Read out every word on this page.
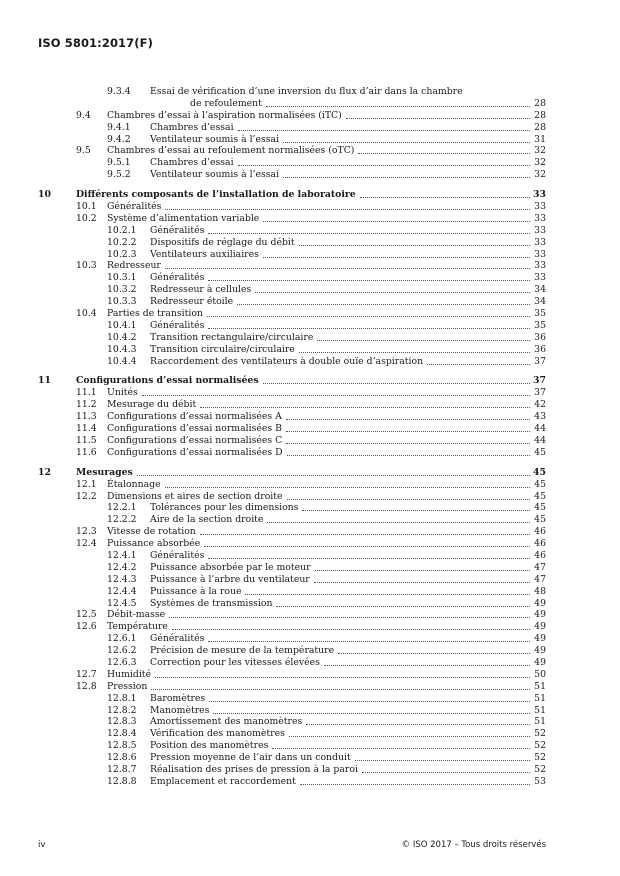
ISO 5801:2017(F)
9.3.4 Essai de vérification d’une inversion du flux d’air dans la chambre
de refoulement	28
9.4 Chambres d’essai à l’aspiration normalisées (iTC)	28
9.4.1 Chambres d’essai	28
9.4.2 Ventilateur soumis à l’essai	31
9.5 Chambres d’essai au refoulement normalisées (oTC)	32
9.5.1 Chambres d’essai	32
9.5.2 Ventilateur soumis à l’essai	32
10	Différents composants de l’installation de laboratoire	33
10.1 Généralités	33
10.2 Système d’alimentation variable	33
10.2.1 Généralités	33
10.2.2 Dispositifs de réglage du débit	33
10.2.3 Ventilateurs auxiliaires	33
10.3 Redresseur	33
10.3.1 Généralités	33
10.3.2 Redresseur à cellules	34
10.3.3 Redresseur étoile	34
10.4 Parties de transition	35
10.4.1 Généralités	35
10.4.2 Transition rectangulaire/circulaire	36
10.4.3 Transition circulaire/circulaire	36
10.4.4 Raccordement des ventilateurs à double ouïe d’aspiration	37
11	Configurations d’essai normalisées	37
11.1 Unités	37
11.2 Mesurage du débit	42
11.3 Configurations d’essai normalisées A	43
11.4 Configurations d’essai normalisées B	44
11.5 Configurations d’essai normalisées C	44
11.6 Configurations d’essai normalisées D	45
12	Mesurages	45
12.1 Étalonnage	45
12.2 Dimensions et aires de section droite	45
12.2.1 Tolérances pour les dimensions	45
12.2.2 Aire de la section droite	45
12.3 Vitesse de rotation	46
12.4 Puissance absorbée	46
12.4.1 Généralités	46
12.4.2 Puissance absorbée par le moteur	47
12.4.3 Puissance à l’arbre du ventilateur	47
12.4.4 Puissance à la roue	48
12.4.5 Systèmes de transmission	49
12.5 Débit-masse	49
12.6 Température	49
12.6.1 Généralités	49
12.6.2 Précision de mesure de la température	49
12.6.3 Correction pour les vitesses élevées	49
12.7 Humidité	50
12.8 Pression	51
12.8.1 Baromètres	51
12.8.2 Manomètres	51
12.8.3 Amortissement des manomètres	51
12.8.4 Vérification des manomètres	52
12.8.5 Position des manomètres	52
12.8.6 Pression moyenne de l’air dans un conduit	52
12.8.7 Réalisation des prises de pression à la paroi	52
12.8.8 Emplacement et raccordement	53
iv	© ISO 2017 – Tous droits réservés
